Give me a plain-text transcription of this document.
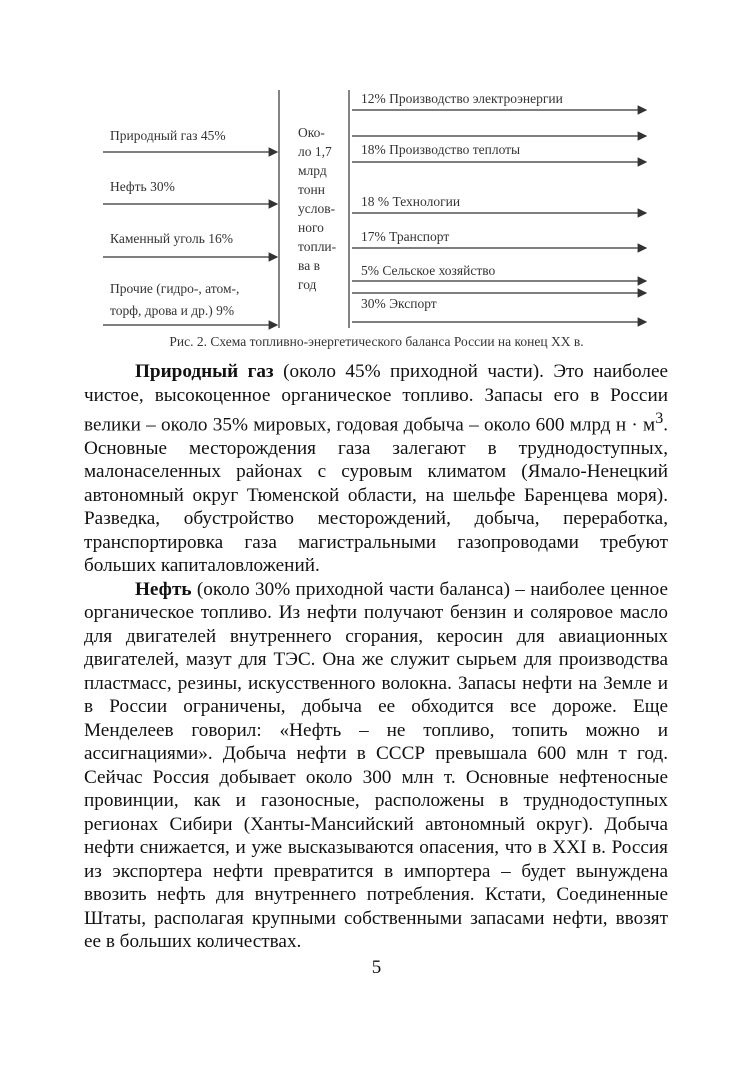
Природный газ 45%
Нефть 30%
Каменный уголь 16%
Прочие (гидро-, атом-, торф, дрова и др.) 9%
Око-
ло 1,7
млрд
тонн
услов-
ного
топли-
ва в
год
12% Производство электроэнергии
18% Производство теплоты
18 % Технологии
17% Транспорт
5% Сельское хозяйство
30% Экспорт
Рис. 2. Схема топливно-энергетического баланса России на конец XX в.

Природный газ (около 45% приходной части). Это наиболее чистое, высокоценное органическое топливо. Запасы его в России велики – около 35% мировых, годовая добыча – около 600 млрд $н \cdot м^3$. Основные месторождения газа залегают в труднодоступных, малонаселенных районах с суровым климатом (Ямало-Ненецкий автономный округ Тюменской области, на шельфе Баренцева моря). Разведка, обустройство месторождений, добыча, переработка, транспортировка газа магистральными газопроводами требуют больших капиталовложений.

Нефть (около 30% приходной части баланса) – наиболее ценное органическое топливо. Из нефти получают бензин и соляровое масло для двигателей внутреннего сгорания, керосин для авиационных двигателей, мазут для ТЭС. Она же служит сырьем для производства пластмасс, резины, искусственного волокна. Запасы нефти на Земле и в России ограничены, добыча ее обходится все дороже. Еще Менделеев говорил: «Нефть – не топливо, топить можно и ассигнациями». Добыча нефти в СССР превышала 600 млн т год. Сейчас Россия добывает около 300 млн т. Основные нефтеносные провинции, как и газоносные, расположены в труднодоступных регионах Сибири (Ханты-Мансийский автономный округ). Добыча нефти снижается, и уже высказываются опасения, что в XXI в. Россия из экспортера нефти превратится в импортера – будет вынуждена ввозить нефть для внутреннего потребления. Кстати, Соединенные Штаты, располагая крупными собственными запасами нефти, ввозят ее в больших количествах.

5
